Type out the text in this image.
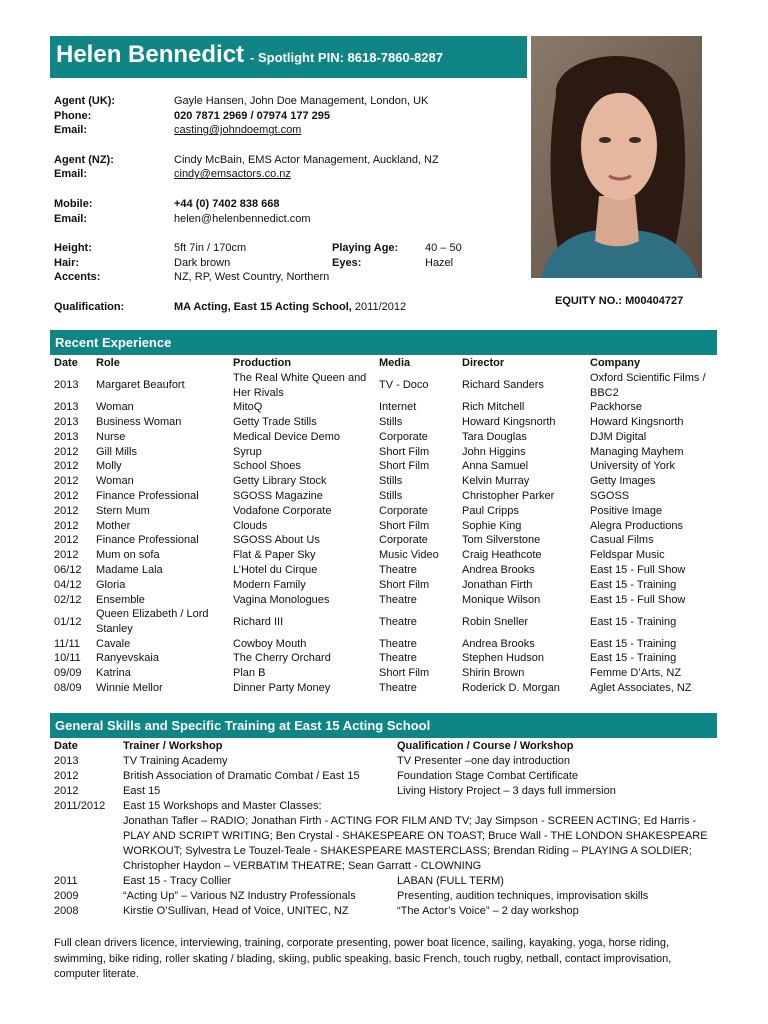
Helen Bennedict - Spotlight PIN: 8618-7860-8287
Agent (UK):	Gayle Hansen, John Doe Management, London, UK
Phone:	020 7871 2969 / 07974 177 295
Email:	casting@johndoemgt.com
Agent (NZ):	Cindy McBain, EMS Actor Management, Auckland, NZ
Email:	cindy@emsactors.co.nz
Mobile:	+44 (0) 7402 838 668
Email:	helen@helenbennedict.com
Height:	5ft 7in / 170cm	Playing Age: 40 – 50
Hair:	Dark brown	Eyes:	Hazel
Accents:	NZ, RP, West Country, Northern
Qualification:	MA Acting, East 15 Acting School, 2011/2012	EQUITY NO.: M00404727
Recent Experience
Date	Role	Production	Media	Director	Company
2013	Margaret Beaufort	The Real White Queen and Her Rivals	TV - Doco	Richard Sanders	Oxford Scientific Films / BBC2
2013	Woman	MitoQ	Internet	Rich Mitchell	Packhorse
2013	Business Woman	Getty Trade Stills	Stills	Howard Kingsnorth	Howard Kingsnorth
2013	Nurse	Medical Device Demo	Corporate	Tara Douglas	DJM Digital
2012	Gill Mills	Syrup	Short Film	John Higgins	Managing Mayhem
2012	Molly	School Shoes	Short Film	Anna Samuel	University of York
2012	Woman	Getty Library Stock	Stills	Kelvin Murray	Getty Images
2012	Finance Professional	SGOSS Magazine	Stills	Christopher Parker	SGOSS
2012	Stern Mum	Vodafone Corporate	Corporate	Paul Cripps	Positive Image
2012	Mother	Clouds	Short Film	Sophie King	Alegra Productions
2012	Finance Professional	SGOSS About Us	Corporate	Tom Silverstone	Casual Films
2012	Mum on sofa	Flat & Paper Sky	Music Video	Craig Heathcote	Feldspar Music
06/12	Madame Lala	L’Hotel du Cirque	Theatre	Andrea Brooks	East 15 - Full Show
04/12	Gloria	Modern Family	Short Film	Jonathan Firth	East 15 - Training
02/12	Ensemble	Vagina Monologues	Theatre	Monique Wilson	East 15 - Full Show
01/12	Queen Elizabeth / Lord Stanley	Richard III	Theatre	Robin Sneller	East 15 - Training
11/11	Cavale	Cowboy Mouth	Theatre	Andrea Brooks	East 15 - Training
10/11	Ranyevskaia	The Cherry Orchard	Theatre	Stephen Hudson	East 15 - Training
09/09	Katrina	Plan B	Short Film	Shirin Brown	Femme D’Arts, NZ
08/09	Winnie Mellor	Dinner Party Money	Theatre	Roderick D. Morgan	Aglet Associates, NZ
General Skills and Specific Training at East 15 Acting School
Date	Trainer / Workshop	Qualification / Course / Workshop
2013	TV Training Academy	TV Presenter –one day introduction
2012	British Association of Dramatic Combat / East 15	Foundation Stage Combat Certificate
2012	East 15	Living History Project – 3 days full immersion
2011/2012 East 15 Workshops and Master Classes:
Jonathan Tafler – RADIO; Jonathan Firth - ACTING FOR FILM AND TV; Jay Simpson - SCREEN ACTING; Ed Harris - PLAY AND SCRIPT WRITING; Ben Crystal - SHAKESPEARE ON TOAST; Bruce Wall - THE LONDON SHAKESPEARE WORKOUT; Sylvestra Le Touzel-Teale - SHAKESPEARE MASTERCLASS; Brendan Riding – PLAYING A SOLDIER; Christopher Haydon – VERBATIM THEATRE; Sean Garratt - CLOWNING
2011	East 15 - Tracy Collier	LABAN (FULL TERM)
2009	“Acting Up” – Various NZ Industry Professionals	Presenting, audition techniques, improvisation skills
2008	Kirstie O’Sullivan, Head of Voice, UNITEC, NZ	“The Actor’s Voice” – 2 day workshop
Full clean drivers licence, interviewing, training, corporate presenting, power boat licence, sailing, kayaking, yoga, horse riding, swimming, bike riding, roller skating / blading, skiing, public speaking, basic French, touch rugby, netball, contact improvisation, computer literate.
